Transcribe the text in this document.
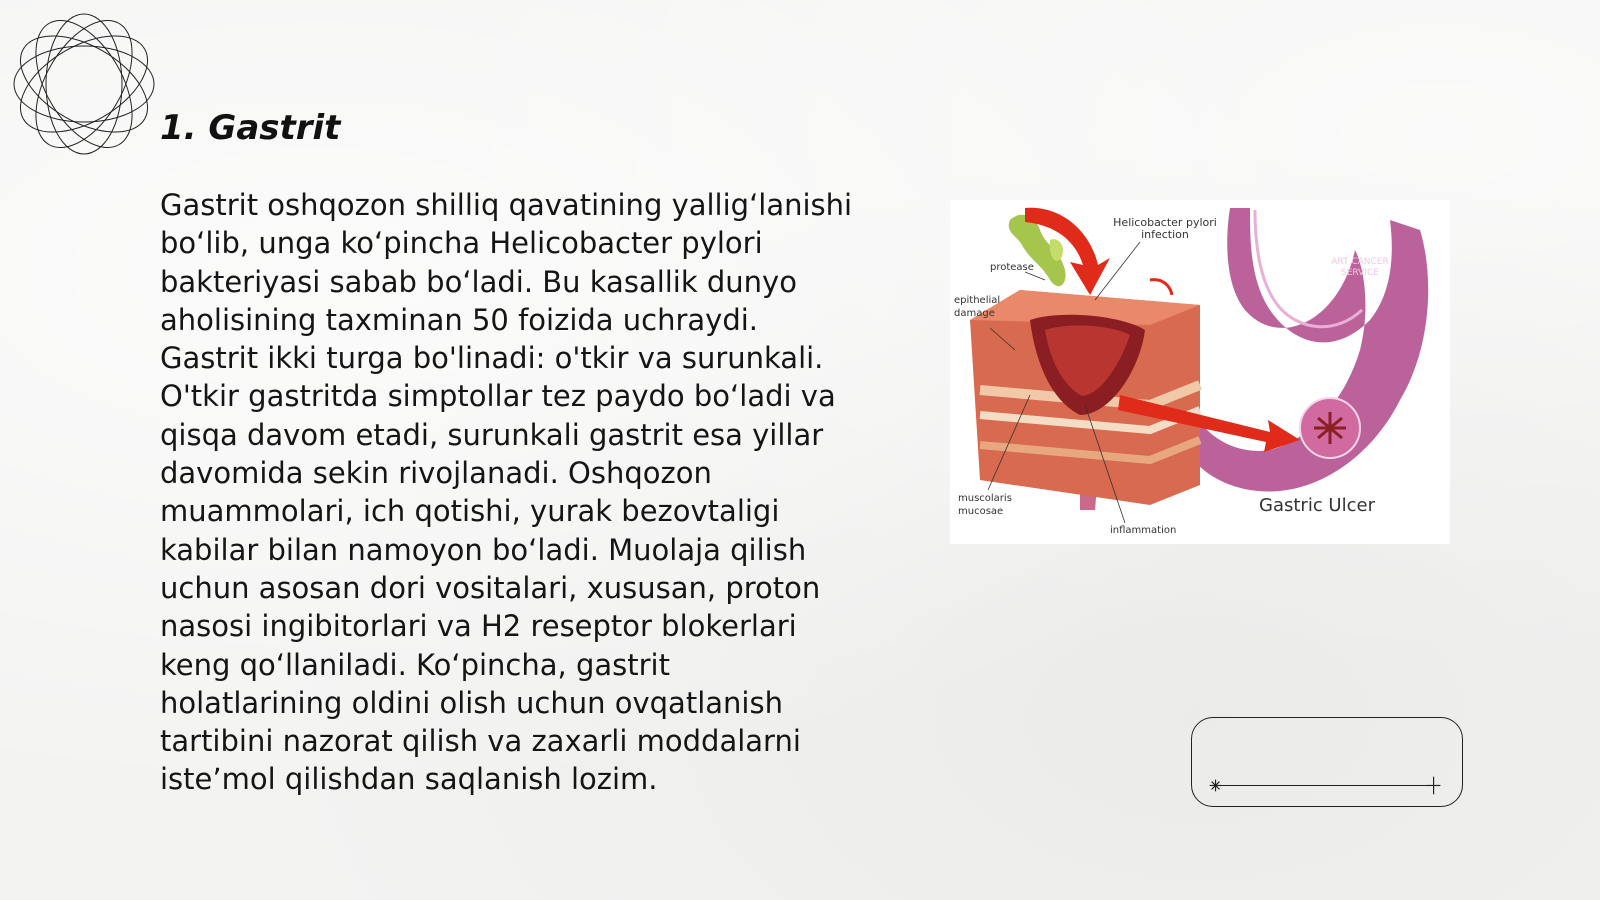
1. Gastrit

Gastrit oshqozon shilliq qavatining yallig‘lanishi bo‘lib, unga ko‘pincha Helicobacter pylori bakteriyasi sabab bo‘ladi. Bu kasallik dunyo aholisining taxminan 50 foizida uchraydi. Gastrit ikki turga bo'linadi: o'tkir va surunkali. O'tkir gastritda simptollar tez paydo bo‘ladi va qisqa davom etadi, surunkali gastrit esa yillar davomida sekin rivojlanadi. Oshqozon muammolari, ich qotishi, yurak bezovtaligi kabilar bilan namoyon bo‘ladi. Muolaja qilish uchun asosan dori vositalari, xususan, proton nasosi ingibitorlari va H2 reseptor blokerlari keng qo‘llaniladi. Ko‘pincha, gastrit holatlarining oldini olish uchun ovqatlanish tartibini nazorat qilish va zaxarli moddalarni iste’mol qilishdan saqlanish lozim.

Helicobacter pylori
infection
protease
epithelial
damage
muscolaris
mucosae
inflammation
Gastric Ulcer
ART CANCER
SERVICE
